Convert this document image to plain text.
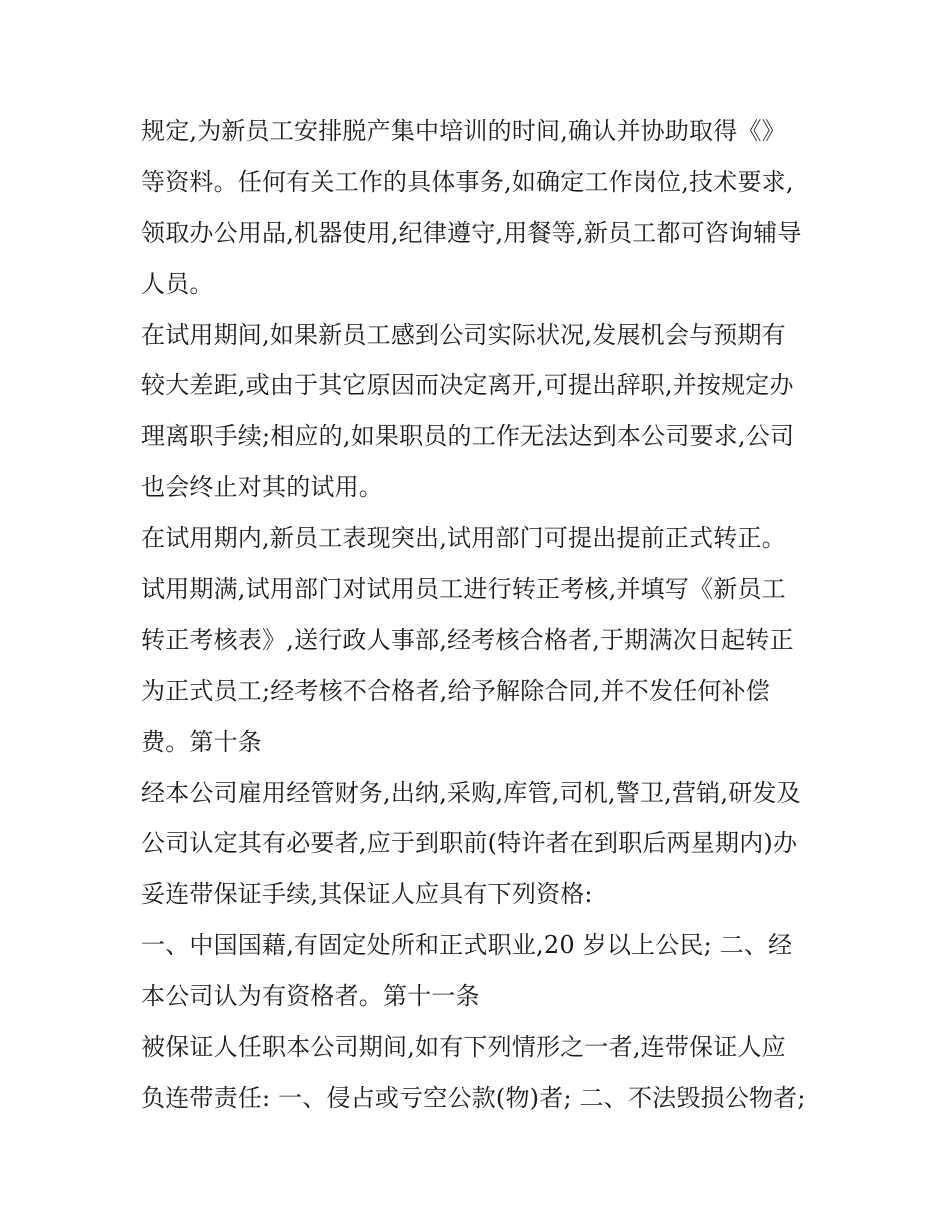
规定,为新员工安排脱产集中培训的时间,确认并协助取得《》
等资料。任何有关工作的具体事务,如确定工作岗位,技术要求,
领取办公用品,机器使用,纪律遵守,用餐等,新员工都可咨询辅导
人员。
在试用期间,如果新员工感到公司实际状况,发展机会与预期有
较大差距,或由于其它原因而决定离开,可提出辞职,并按规定办
理离职手续;相应的,如果职员的工作无法达到本公司要求,公司
也会终止对其的试用。
在试用期内,新员工表现突出,试用部门可提出提前正式转正。
试用期满,试用部门对试用员工进行转正考核,并填写《新员工
转正考核表》,送行政人事部,经考核合格者,于期满次日起转正
为正式员工;经考核不合格者,给予解除合同,并不发任何补偿
费。第十条
经本公司雇用经管财务,出纳,采购,库管,司机,警卫,营销,研发及
公司认定其有必要者,应于到职前(特许者在到职后两星期内)办
妥连带保证手续,其保证人应具有下列资格:
一、中国国藉,有固定处所和正式职业,20 岁以上公民; 二、经
本公司认为有资格者。第十一条
被保证人任职本公司期间,如有下列情形之一者,连带保证人应
负连带责任: 一、侵占或亏空公款(物)者; 二、不法毁损公物者;
